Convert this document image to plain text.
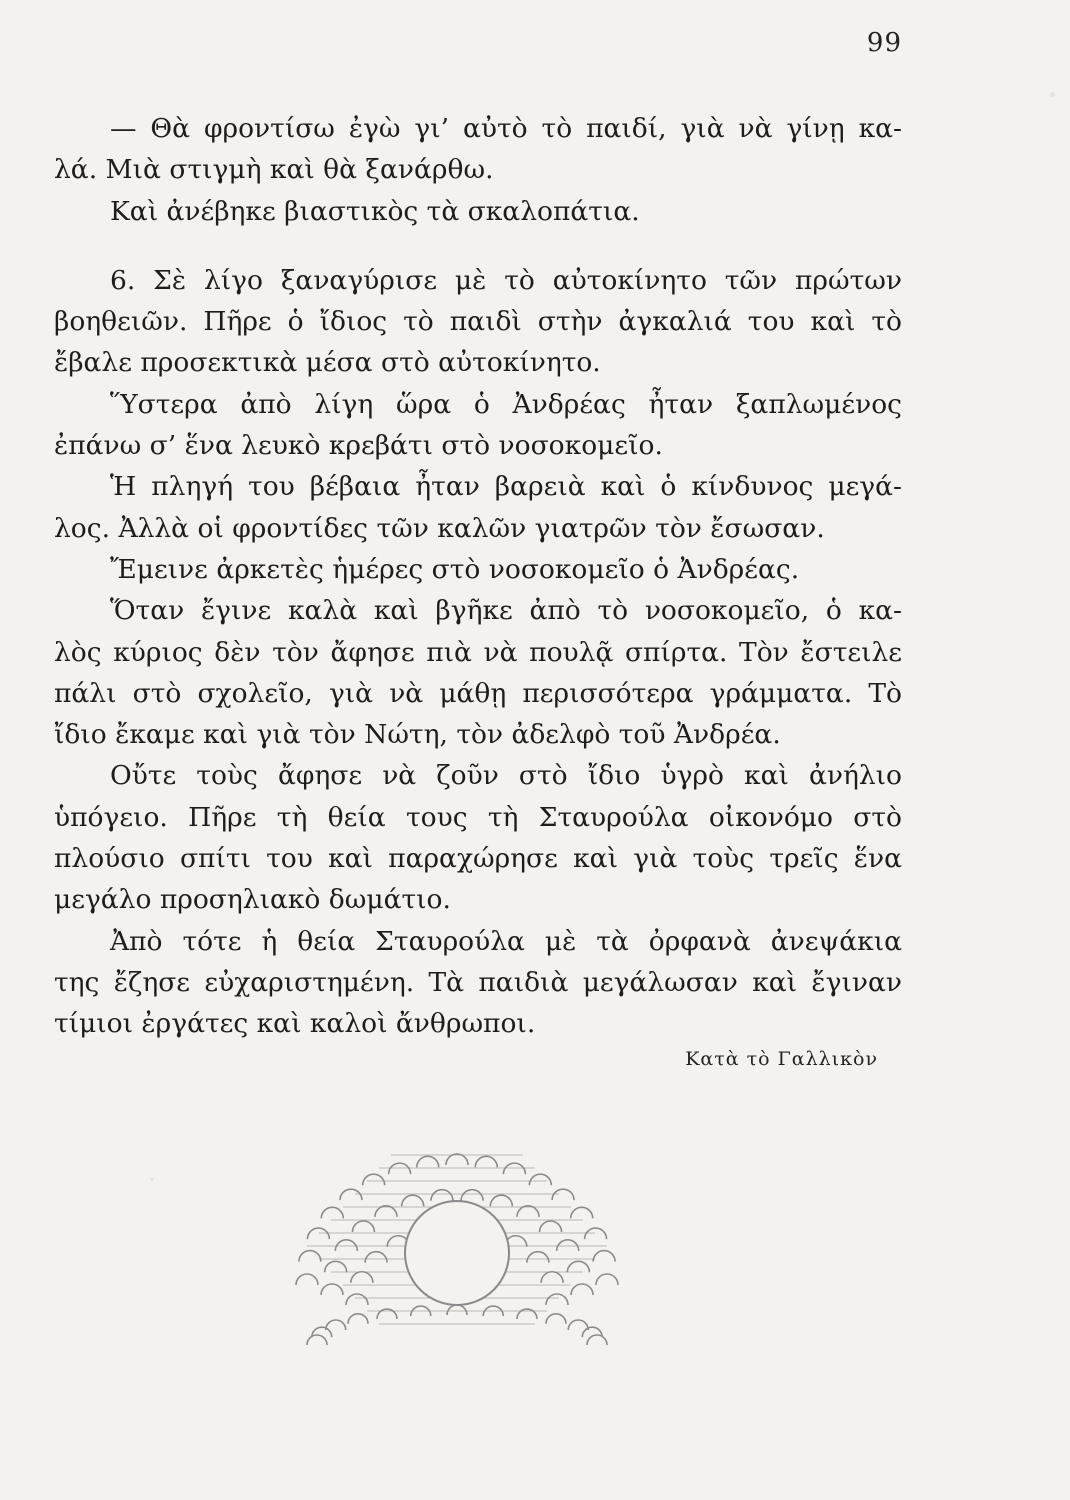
99
— Θὰ φροντίσω ἐγὼ γι’ αὐτὸ τὸ παιδί, γιὰ νὰ γίνῃ κα-
λά. Μιὰ στιγμὴ καὶ θὰ ξανάρθω.
Καὶ ἀνέβηκε βιαστικὸς τὰ σκαλοπάτια.
6. Σὲ λίγο ξαναγύρισε μὲ τὸ αὐτοκίνητο τῶν πρώτων
βοηθειῶν. Πῆρε ὁ ἴδιος τὸ παιδὶ στὴν ἀγκαλιά του καὶ τὸ
ἔβαλε προσεκτικὰ μέσα στὸ αὐτοκίνητο.
Ὕστερα ἀπὸ λίγη ὥρα ὁ Ἀνδρέας ἦταν ξαπλωμένος
ἐπάνω σ’ ἕνα λευκὸ κρεβάτι στὸ νοσοκομεῖο.
Ἡ πληγή του βέβαια ἦταν βαρειὰ καὶ ὁ κίνδυνος μεγά-
λος. Ἀλλὰ οἱ φροντίδες τῶν καλῶν γιατρῶν τὸν ἔσωσαν.
Ἔμεινε ἀρκετὲς ἡμέρες στὸ νοσοκομεῖο ὁ Ἀνδρέας.
Ὅταν ἔγινε καλὰ καὶ βγῆκε ἀπὸ τὸ νοσοκομεῖο, ὁ κα-
λὸς κύριος δὲν τὸν ἄφησε πιὰ νὰ πουλᾷ σπίρτα. Τὸν ἔστειλε
πάλι στὸ σχολεῖο, γιὰ νὰ μάθῃ περισσότερα γράμματα. Τὸ
ἴδιο ἔκαμε καὶ γιὰ τὸν Νώτη, τὸν ἀδελφὸ τοῦ Ἀνδρέα.
Οὔτε τοὺς ἄφησε νὰ ζοῦν στὸ ἴδιο ὑγρὸ καὶ ἀνήλιο
ὑπόγειο. Πῆρε τὴ θεία τους τὴ Σταυρούλα οἰκονόμο στὸ
πλούσιο σπίτι του καὶ παραχώρησε καὶ γιὰ τοὺς τρεῖς ἕνα
μεγάλο προσηλιακὸ δωμάτιο.
Ἀπὸ τότε ἡ θεία Σταυρούλα μὲ τὰ ὀρφανὰ ἀνεψάκια
της ἔζησε εὐχαριστημένη. Τὰ παιδιὰ μεγάλωσαν καὶ ἔγιναν
τίμιοι ἐργάτες καὶ καλοὶ ἄνθρωποι.
Κατὰ τὸ Γαλλικὸν
